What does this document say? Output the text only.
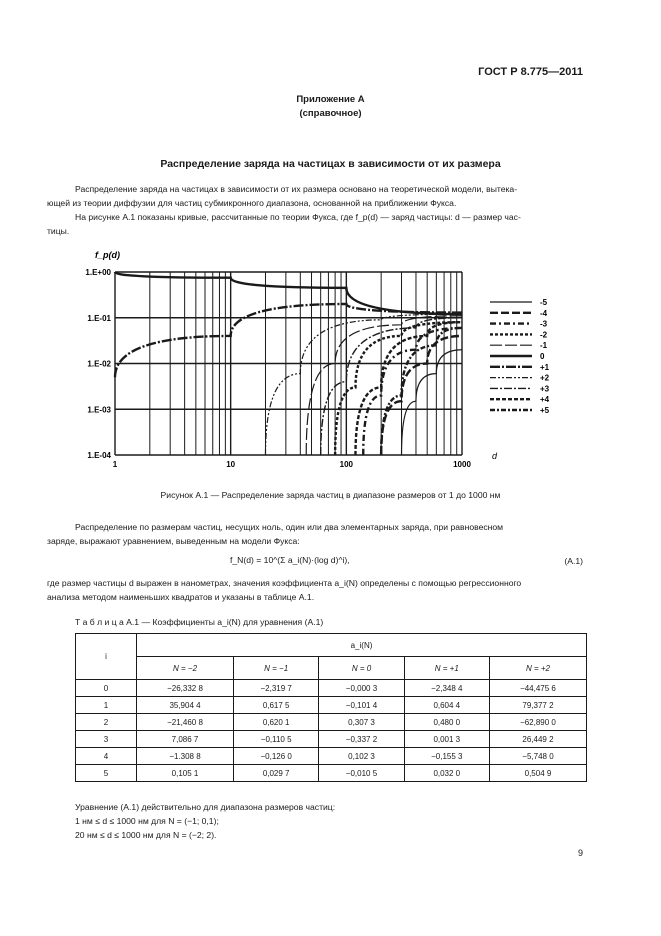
ГОСТ Р 8.775—2011
Приложение А
(справочное)
Распределение заряда на частицах в зависимости от их размера
Распределение заряда на частицах в зависимости от их размера основано на теоретической модели, вытека-
ющей из теории диффузии для частиц субмикронного диапазона, основанной на приближении Фукса.
На рисунке А.1 показаны кривые, рассчитанные по теории Фукса, где f_p(d) — заряд частицы: d — размер час-
тицы.
1.E-04
1.E-03
1.E-02
1.E-01
1.E+00
1	10	100	1000
f_p(d)
d
-5
-4
-3
-2
-1
0
+1
+2
+3
+4
+5
Рисунок А.1 — Распределение заряда частиц в диапазоне размеров от 1 до 1000 нм
Распределение по размерам частиц, несущих ноль, один или два элементарных заряда, при равновесном
заряде, выражают уравнением, выведенным на модели Фукса:
f_N(d) = 10^(Σ a_i(N)·(log d)^i),	(А.1)
где размер частицы d выражен в нанометрах, значения коэффициента a_i(N) определены с помощью регрессионного
анализа методом наименьших квадратов и указаны в таблице А.1.
Т а б л и ц а А.1 — Коэффициенты a_i(N) для уравнения (А.1)
i	a_i(N)				
	N = −2	N = −1	N = 0	N = +1	N = +2
0	−26,332 8	−2,319 7	−0,000 3	−2,348 4	−44,475 6
1	35,904 4	0,617 5	−0,101 4	0,604 4	79,377 2
2	−21,460 8	0,620 1	0,307 3	0,480 0	−62,890 0
3	7,086 7	−0,110 5	−0,337 2	0,001 3	26,449 2
4	−1.308 8	−0,126 0	0,102 3	−0,155 3	−5,748 0
5	0,105 1	0,029 7	−0,010 5	0,032 0	0,504 9
Уравнение (А.1) действительно для диапазона размеров частиц:
1 нм ≤ d ≤ 1000 нм для N = (−1; 0,1);
20 нм ≤ d ≤ 1000 нм для N = (−2; 2).
9
